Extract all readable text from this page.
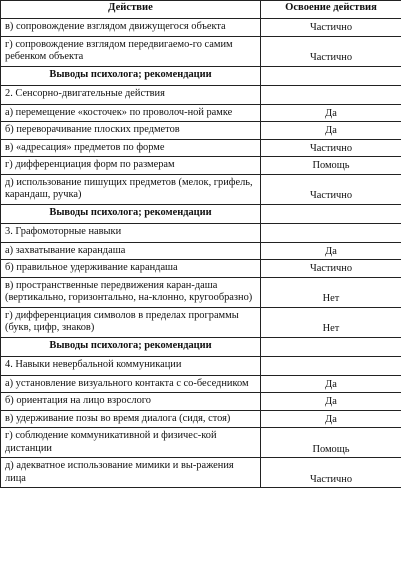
Действие	Освоение действия
в) сопровождение взглядом движущегося объекта	Частично
г) сопровождение взглядом передвигаемо-го самим ребенком объекта	Частично
Выводы психолога; рекомендации	
2. Сенсорно-двигательные действия	
а) перемещение «косточек» по проволоч-ной рамке	Да
б) переворачивание плоских предметов	Да
в) «адресация» предметов по форме	Частично
г) дифференциация форм по размерам	Помощь
д) использование пишущих предметов (мелок, грифель, карандаш, ручка)	Частично
Выводы психолога; рекомендации	
3. Графомоторные навыки	
а) захватывание карандаша	Да
б) правильное удерживание карандаша	Частично
в) пространственные передвижения каран-даша (вертикально, горизонтально, на-клонно, кругообразно)	Нет
г) дифференциация символов в пределах программы (букв, цифр, знаков)	Нет
Выводы психолога; рекомендации	
4. Навыки невербальной коммуникации	
а) установление визуального контакта с со-беседником	Да
б) ориентация на лицо взрослого	Да
в) удерживание позы во время диалога (сидя, стоя)	Да
г) соблюдение коммуникативной и физичес-кой дистанции	Помощь
д) адекватное использование мимики и вы-ражения лица	Частично
